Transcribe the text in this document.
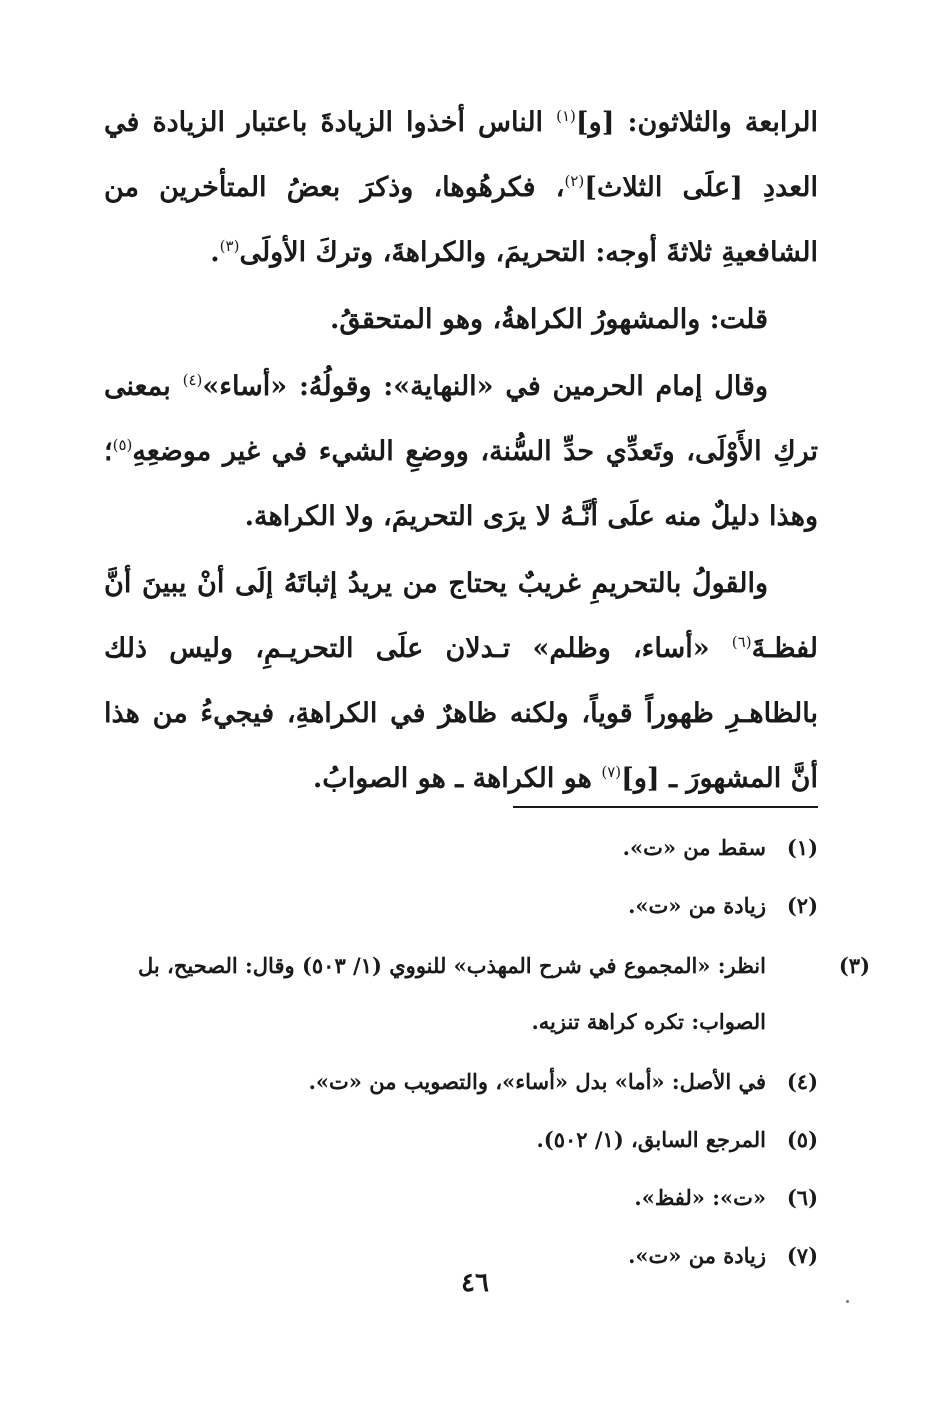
الرابعة والثلاثون: [و]$^{(١)}$ الناس أخذوا الزيادةَ باعتبار الزيادة في العددِ [علَى الثلاث]$^{(٢)}$، فكرهُوها، وذكرَ بعضُ المتأخرين من الشافعيةِ ثلاثةَ أوجه: التحريمَ، والكراهةَ، وتركَ الأولَى$^{(٣)}$.

قلت: والمشهورُ الكراهةُ، وهو المتحققُ.

وقال إمام الحرمين في «النهاية»: وقولُهُ: «أساء»$^{(٤)}$ بمعنى تركِ الأَوْلَى، وتَعدِّي حدِّ السُّنة، ووضعِ الشيء في غير موضعِهِ$^{(٥)}$؛ وهذا دليلٌ منه علَى أنَّـهُ لا يرَى التحريمَ، ولا الكراهة.

والقولُ بالتحريمِ غريبٌ يحتاج من يريدُ إثباتَهُ إلَى أنْ يبينَ أنَّ لفظـةَ$^{(٦)}$ «أساء، وظلم» تـدلان علَى التحريـمِ، وليس ذلك بالظاهـرِ ظهوراً قوياً، ولكنه ظاهرٌ في الكراهةِ، فيجيءُ من هذا أنَّ المشهورَ ـ [و]$^{(٧)}$ هو الكراهة ـ هو الصوابُ.

(١)سقط من «ت».

(٢)زيادة من «ت».

(٣)انظر: «المجموع في شرح المهذب» للنووي (١/ ٥٠٣) وقال: الصحيح، بل الصواب: تكره كراهة تنزيه.

(٤)في الأصل: «أما» بدل «أساء»، والتصويب من «ت».

(٥)المرجع السابق، (١/ ٥٠٢).

(٦)«ت»: «لفظ».

(٧)زيادة من «ت».

٤٦
